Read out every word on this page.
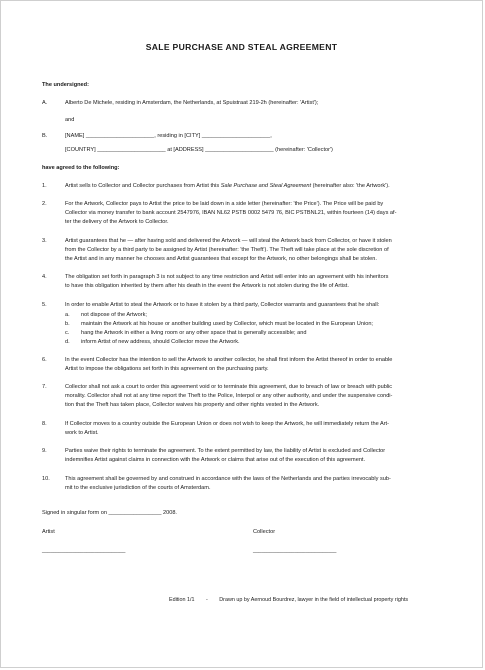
SALE PURCHASE AND STEAL AGREEMENT
The undersigned:
A.	Alberto De Michele, residing in Amsterdam, the Netherlands, at Spuistraat 219-2h (hereinafter: 'Artist');
and
B.	[NAME] ______________________, residing in [CITY] ______________________,
[COUNTRY] ______________________ at [ADDRESS] ______________________ (hereinafter: 'Collector')
have agreed to the following:
1.	Artist sells to Collector and Collector purchases from Artist this Sale Purchase and Steal Agreement (hereinafter also: 'the Artwork').
2.	For the Artwork, Collector pays to Artist the price to be laid down in a side letter (hereinafter: 'the Price'). The Price will be paid by
Collector via money transfer to bank account 2547976, IBAN NL62 PSTB 0002 5479 76, BIC PSTBNL21, within fourteen (14) days af-
ter the delivery of the Artwork to Collector.
3.	Artist guarantees that he — after having sold and delivered the Artwork — will steal the Artwork back from Collector, or have it stolen
from the Collector by a third party to be assigned by Artist (hereinafter: 'the Theft'). The Theft will take place at the sole discretion of
the Artist and in any manner he chooses and Artist guarantees that except for the Artwork, no other belongings shall be stolen.
4.	The obligation set forth in paragraph 3 is not subject to any time restriction and Artist will enter into an agreement with his inheritors
to have this obligation inherited by them after his death in the event the Artwork is not stolen during the life of Artist.
5.	In order to enable Artist to steal the Artwork or to have it stolen by a third party, Collector warrants and guarantees that he shall:
a. not dispose of the Artwork;
b. maintain the Artwork at his house or another building used by Collector, which must be located in the European Union;
c. hang the Artwork in either a living room or any other space that is generally accessible; and
d. inform Artist of new address, should Collector move the Artwork.
6.	In the event Collector has the intention to sell the Artwork to another collector, he shall first inform the Artist thereof in order to enable
Artist to impose the obligations set forth in this agreement on the purchasing party.
7.	Collector shall not ask a court to order this agreement void or to terminate this agreement, due to breach of law or breach with public
morality. Collector shall not at any time report the Theft to the Police, Interpol or any other authority, and under the suspensive condi-
tion that the Theft has taken place, Collector waives his property and other rights vested in the Artwork.
8.	If Collector moves to a country outside the European Union or does not wish to keep the Artwork, he will immediately return the Art-
work to Artist.
9.	Parties waive their rights to terminate the agreement. To the extent permitted by law, the liability of Artist is excluded and Collector
indemnifies Artist against claims in connection with the Artwork or claims that arise out of the execution of this agreement.
10.	This agreement shall be governed by and construed in accordance with the laws of the Netherlands and the parties irrevocably sub-
mit to the exclusive jurisdiction of the courts of Amsterdam.
Signed in singular form on _________________ 2008.
Artist	Collector
______________________________	______________________________
Edition 1/1 - Drawn up by Aernoud Bourdrez, lawyer in the field of intellectual property rights
